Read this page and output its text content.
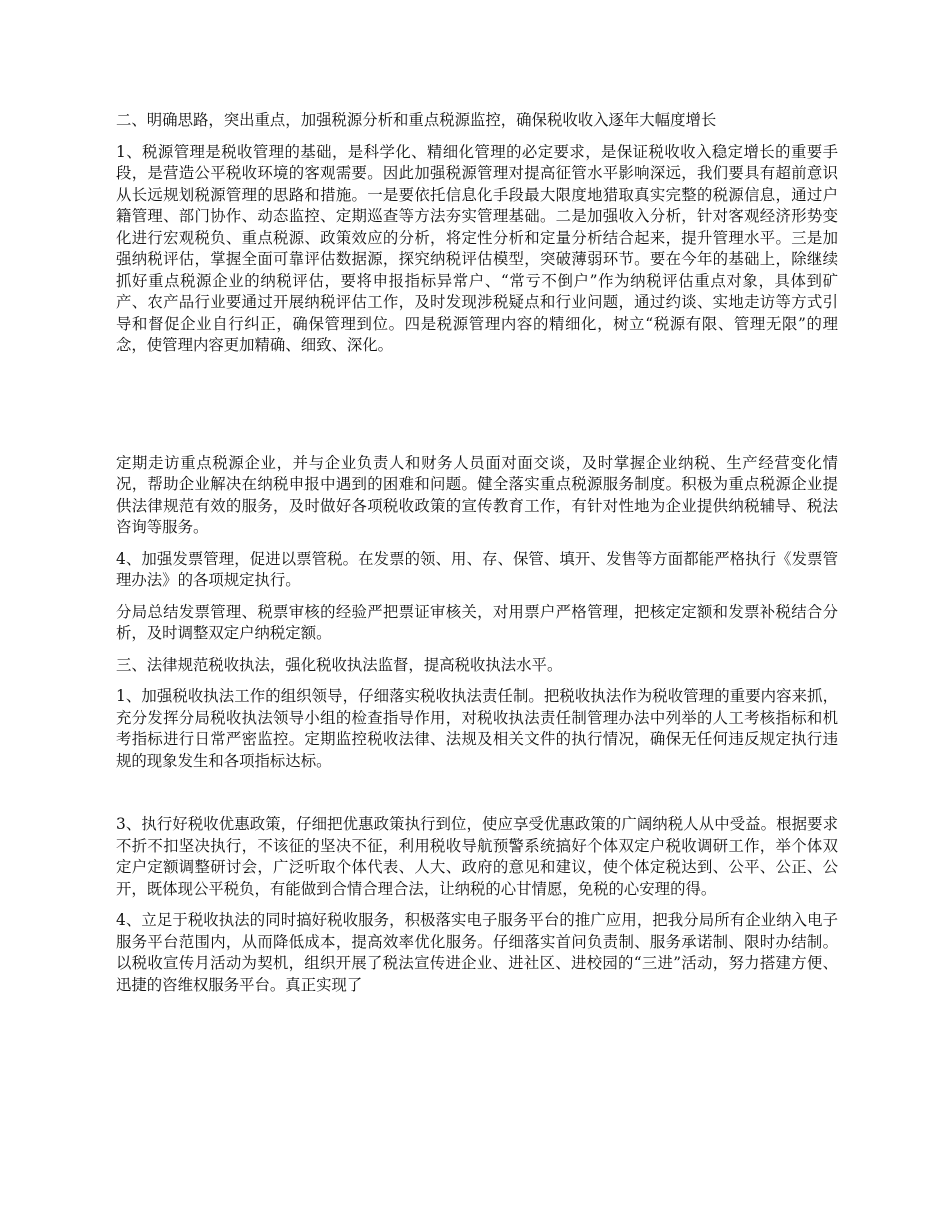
二、明确思路，突出重点，加强税源分析和重点税源监控，确保税收收入逐年大幅度增长

1、税源管理是税收管理的基础，是科学化、精细化管理的必定要求，是保证税收收入稳定增长的重要手段，是营造公平税收环境的客观需要。因此加强税源管理对提高征管水平影响深远，我们要具有超前意识从长远规划税源管理的思路和措施。一是要依托信息化手段最大限度地猎取真实完整的税源信息，通过户籍管理、部门协作、动态监控、定期巡查等方法夯实管理基础。二是加强收入分析，针对客观经济形势变化进行宏观税负、重点税源、政策效应的分析，将定性分析和定量分析结合起来，提升管理水平。三是加强纳税评估，掌握全面可靠评估数据源，探究纳税评估模型，突破薄弱环节。要在今年的基础上，除继续抓好重点税源企业的纳税评估，要将申报指标异常户、“常亏不倒户”作为纳税评估重点对象，具体到矿产、农产品行业要通过开展纳税评估工作，及时发现涉税疑点和行业问题，通过约谈、实地走访等方式引导和督促企业自行纠正，确保管理到位。四是税源管理内容的精细化，树立“税源有限、管理无限”的理念，使管理内容更加精确、细致、深化。

定期走访重点税源企业，并与企业负责人和财务人员面对面交谈，及时掌握企业纳税、生产经营变化情况，帮助企业解决在纳税申报中遇到的困难和问题。健全落实重点税源服务制度。积极为重点税源企业提供法律规范有效的服务，及时做好各项税收政策的宣传教育工作，有针对性地为企业提供纳税辅导、税法咨询等服务。

4、加强发票管理，促进以票管税。在发票的领、用、存、保管、填开、发售等方面都能严格执行《发票管理办法》的各项规定执行。

分局总结发票管理、税票审核的经验严把票证审核关，对用票户严格管理，把核定定额和发票补税结合分析，及时调整双定户纳税定额。

三、法律规范税收执法，强化税收执法监督，提高税收执法水平。

1、加强税收执法工作的组织领导，仔细落实税收执法责任制。把税收执法作为税收管理的重要内容来抓，充分发挥分局税收执法领导小组的检查指导作用，对税收执法责任制管理办法中列举的人工考核指标和机考指标进行日常严密监控。定期监控税收法律、法规及相关文件的执行情况，确保无任何违反规定执行违规的现象发生和各项指标达标。

3、执行好税收优惠政策，仔细把优惠政策执行到位，使应享受优惠政策的广阔纳税人从中受益。根据要求不折不扣坚决执行，不该征的坚决不征，利用税收导航预警系统搞好个体双定户税收调研工作，举个体双定户定额调整研讨会，广泛听取个体代表、人大、政府的意见和建议，使个体定税达到、公平、公正、公开，既体现公平税负，有能做到合情合理合法，让纳税的心甘情愿，免税的心安理的得。

4、立足于税收执法的同时搞好税收服务，积极落实电子服务平台的推广应用，把我分局所有企业纳入电子服务平台范围内，从而降低成本，提高效率优化服务。仔细落实首问负责制、服务承诺制、限时办结制。以税收宣传月活动为契机，组织开展了税法宣传进企业、进社区、进校园的“三进”活动，努力搭建方便、迅捷的咨维权服务平台。真正实现了
